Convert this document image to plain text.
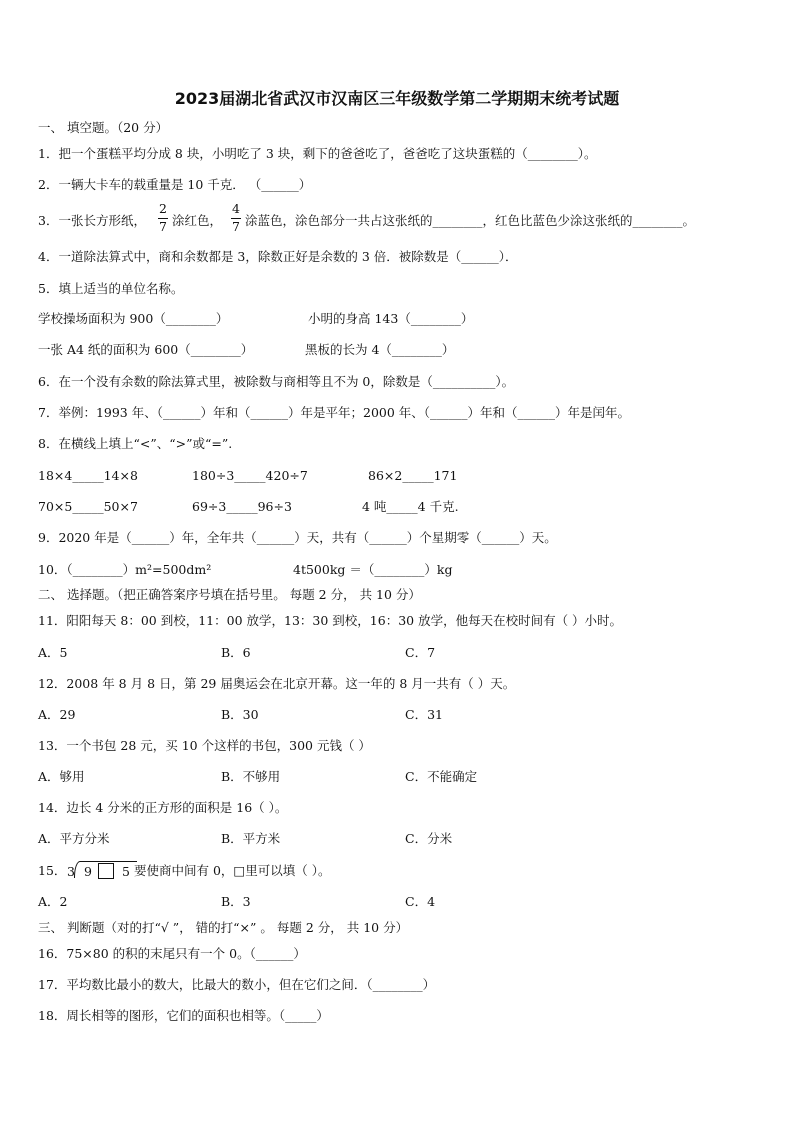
2023届湖北省武汉市汉南区三年级数学第二学期期末统考试题
一、 填空题。（20 分）
1．把一个蛋糕平均分成 8 块，小明吃了 3 块，剩下的爸爸吃了，爸爸吃了这块蛋糕的（________）。
2．一辆大卡车的载重量是 10 千克． （______）
3．一张长方形纸，
2
7 涂红色，
4
7 涂蓝色，涂色部分一共占这张纸的________，红色比蓝色少涂这张纸的________。
4．一道除法算式中，商和余数都是 3，除数正好是余数的 3 倍．被除数是（______）．
5．填上适当的单位名称。
学校操场面积为 900（________）	小明的身高 143（________）
一张 A4 纸的面积为 600（________）	黑板的长为 4（________）
6．在一个没有余数的除法算式里，被除数与商相等且不为 0，除数是（__________）。
7．举例：1993 年、（______）年和（______）年是平年；2000 年、（______）年和（______）年是闰年。
8．在横线上填上“<”、“>”或“=”.
18×4_____14×8	180÷3_____420÷7	86×2_____171
70×5_____50×7	69÷3_____96÷3	4 吨_____4 千克.
9．2020 年是（______）年，全年共（______）天，共有（______）个星期零（______）天。
10．（________）m²=500dm²	4t500kg ＝（________）kg
二、 选择题。（把正确答案序号填在括号里。 每题 2 分， 共 10 分）
11．阳阳每天 8：00 到校，11：00 放学，13：30 到校，16：30 放学，他每天在校时间有（ ）小时。
A．5	B．6	C．7
12．2008 年 8 月 8 日，第 29 届奥运会在北京开幕。这一年的 8 月一共有（ ）天。
A．29	B．30	C．31
13．一个书包 28 元，买 10 个这样的书包，300 元钱（ ）
A．够用	B．不够用	C．不能确定
14．边长 4 分米的正方形的面积是 16（ ）。
A．平方分米	B．平方米	C．分米
15． 3 9 5 要使商中间有 0，□里可以填（ ）。
A．2	B．3	C．4
三、 判断题（对的打“√ ”， 错的打“×” 。 每题 2 分， 共 10 分）
16．75×80 的积的末尾只有一个 0。（______）
17．平均数比最小的数大，比最大的数小，但在它们之间．（________）
18．周长相等的图形，它们的面积也相等。（_____）
